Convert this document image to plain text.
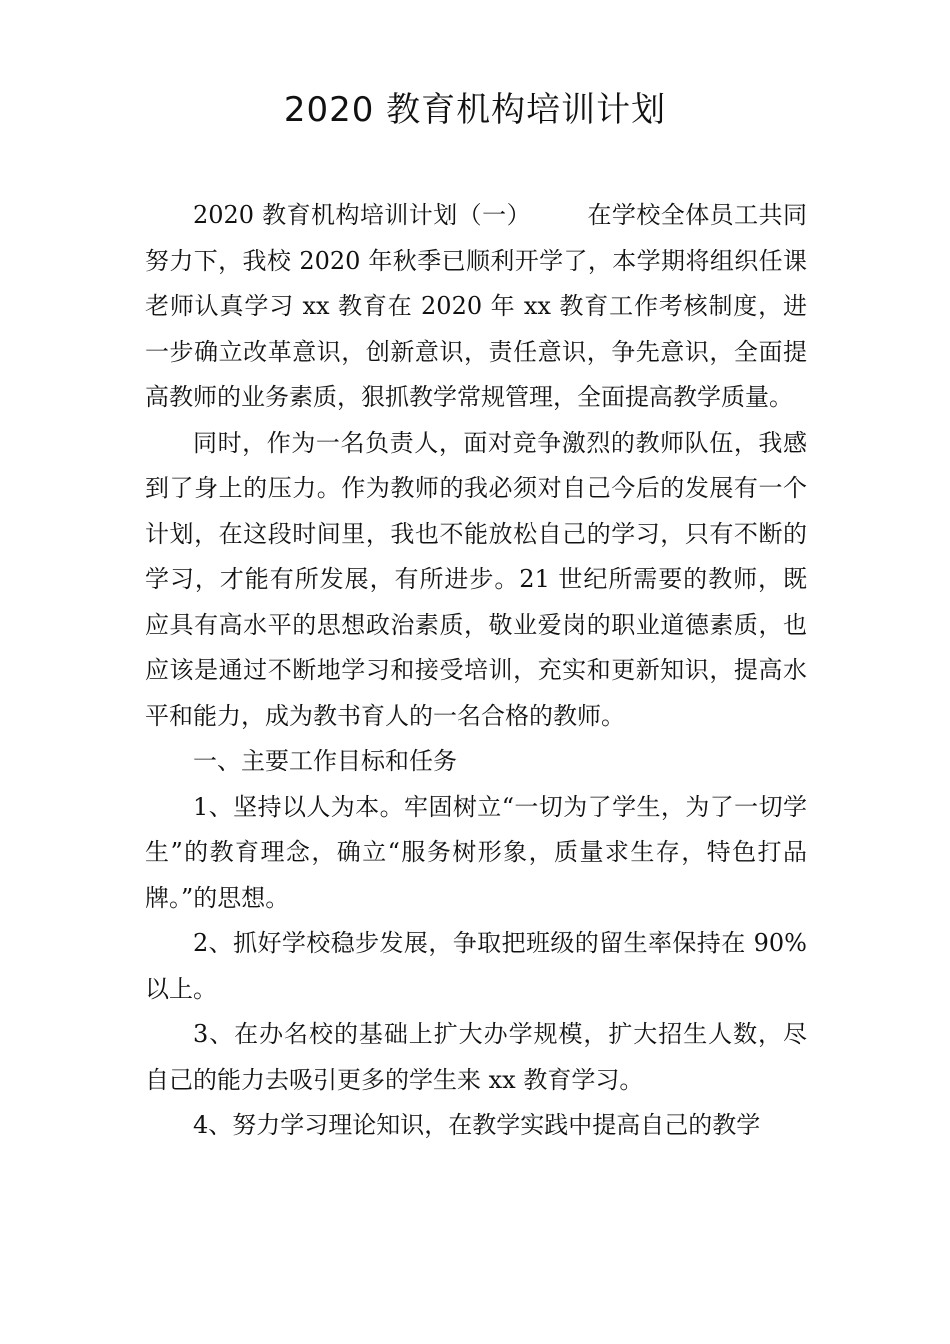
2020 教育机构培训计划

2020 教育机构培训计划（一） 在学校全体员工共同努力下，我校 2020 年秋季已顺利开学了，本学期将组织任课老师认真学习 xx 教育在 2020 年 xx 教育工作考核制度，进一步确立改革意识，创新意识，责任意识，争先意识，全面提高教师的业务素质，狠抓教学常规管理，全面提高教学质量。

同时，作为一名负责人，面对竞争激烈的教师队伍，我感到了身上的压力。作为教师的我必须对自己今后的发展有一个计划，在这段时间里，我也不能放松自己的学习，只有不断的学习，才能有所发展，有所进步。21 世纪所需要的教师，既应具有高水平的思想政治素质，敬业爱岗的职业道德素质，也应该是通过不断地学习和接受培训，充实和更新知识，提高水平和能力，成为教书育人的一名合格的教师。

一、主要工作目标和任务

1、坚持以人为本。牢固树立“一切为了学生，为了一切学生”的教育理念，确立“服务树形象，质量求生存，特色打品牌。”的思想。

2、抓好学校稳步发展，争取把班级的留生率保持在 90%以上。

3、在办名校的基础上扩大办学规模，扩大招生人数，尽自己的能力去吸引更多的学生来 xx 教育学习。

4、努力学习理论知识，在教学实践中提高自己的教学
